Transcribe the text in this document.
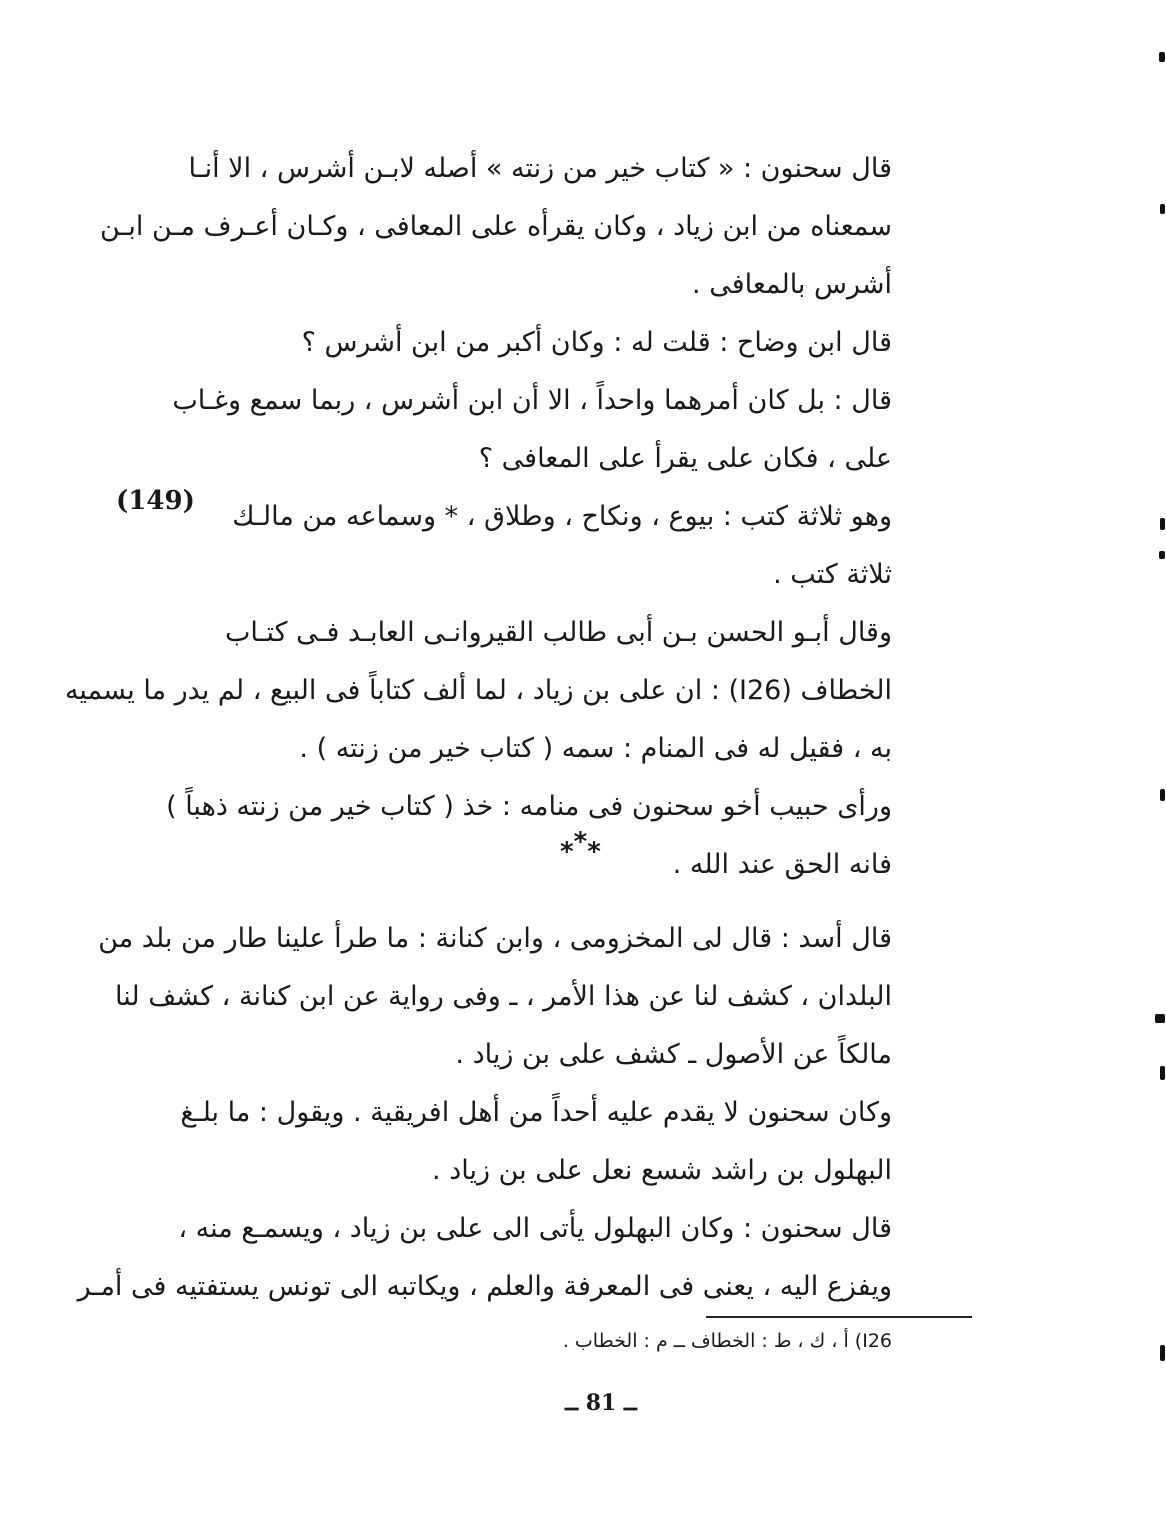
قال سحنون : « كتاب خير من زنته » أصله لابـن أشرس ، الا أنـا
سمعناه من ابن زياد ، وكان يقرأه على المعافى ، وكـان أعـرف مـن ابـن
أشرس بالمعافى .
قال ابن وضاح : قلت له : وكان أكبر من ابن أشرس ؟
قال : بل كان أمرهما واحداً ، الا أن ابن أشرس ، ربما سمع وغـاب
على ، فكان على يقرأ على المعافى ؟
وهو ثلاثة كتب : بيوع ، ونكاح ، وطلاق ، * وسماعه من مالـك
ثلاثة كتب .
وقال أبـو الحسن بـن أبى طالب القيروانـى العابـد فـى كتـاب
الخطاف (I26) : ان على بن زياد ، لما ألف كتاباً فى البيع ، لم يدر ما يسميه
به ، فقيل له فى المنام : سمه ( كتاب خير من زنته ) .
ورأى حبيب أخو سحنون فى منامه : خذ ( كتاب خير من زنته ذهباً )
فانه الحق عند الله .
قال أسد : قال لى المخزومى ، وابن كنانة : ما طرأ علينا طار من بلد من
البلدان ، كشف لنا عن هذا الأمر ، ـ وفى رواية عن ابن كنانة ، كشف لنا
مالكاً عن الأصول ـ كشف على بن زياد .
وكان سحنون لا يقدم عليه أحداً من أهل افريقية . ويقول : ما بلـغ
البهلول بن راشد شسع نعل على بن زياد .
قال سحنون : وكان البهلول يأتى الى على بن زياد ، ويسمـع منه ،
ويفزع اليه ، يعنى فى المعرفة والعلم ، ويكاتبه الى تونس يستفتيه فى أمـر
(149)
***
I26) أ ، ك ، ط : الخطاف ــ م : الخطاب .
ــ 81 ــ
